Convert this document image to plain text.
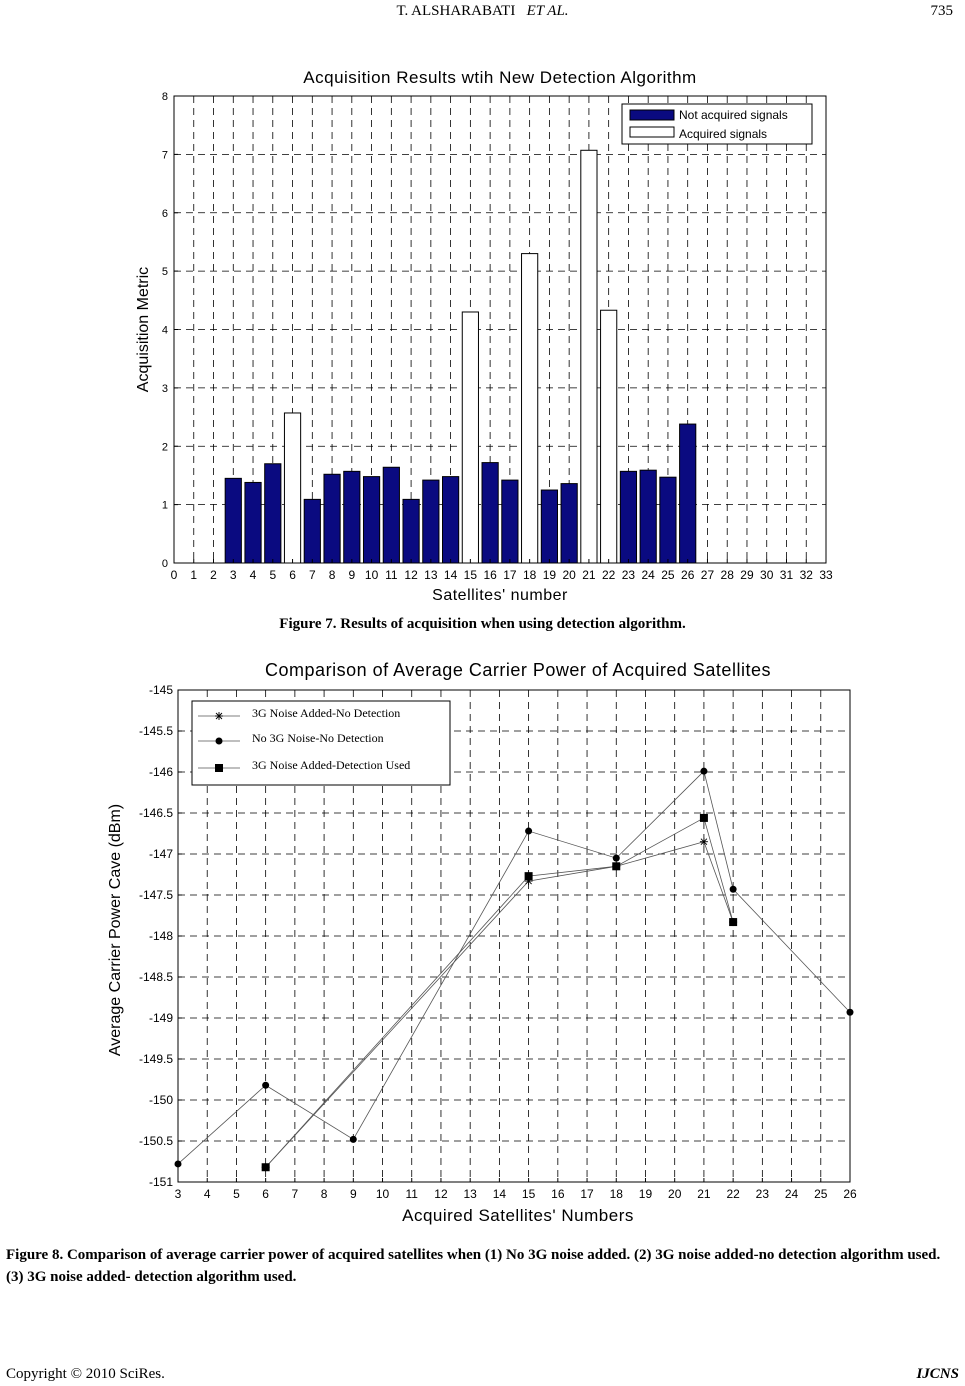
T. ALSHARABATI ET AL.	735
Acquisition Results wtih New Detection Algorithm
Satellites' number
Acquisition Metric
0 1 2 3 4 5 6 7 8 9 10 11 12 13 14 15 16 17 18 19 20 21 22 23 24 25 26 27 28 29 30 31 32 33
0
1
2
3
4
5
6
7
8
Not acquired signals
Acquired signals
Figure 7. Results of acquisition when using detection algorithm.
Comparison of Average Carrier Power of Acquired Satellites
Acquired Satellites' Numbers
Average Carrier Power Cave (dBm)
3 4 5 6 7 8 9 10 11 12 13 14 15 16 17 18 19 20 21 22 23 24 25 26
-145
-145.5
-146
-146.5
-147
-147.5
-148
-148.5
-149
-149.5
-150
-150.5
-151
3G Noise Added-No Detection
No 3G Noise-No Detection
3G Noise Added-Detection Used
Figure 8. Comparison of average carrier power of acquired satellites when (1) No 3G noise added. (2) 3G noise added-no detection algorithm used. (3) 3G noise added- detection algorithm used.
Copyright © 2010 SciRes.	IJCNS
